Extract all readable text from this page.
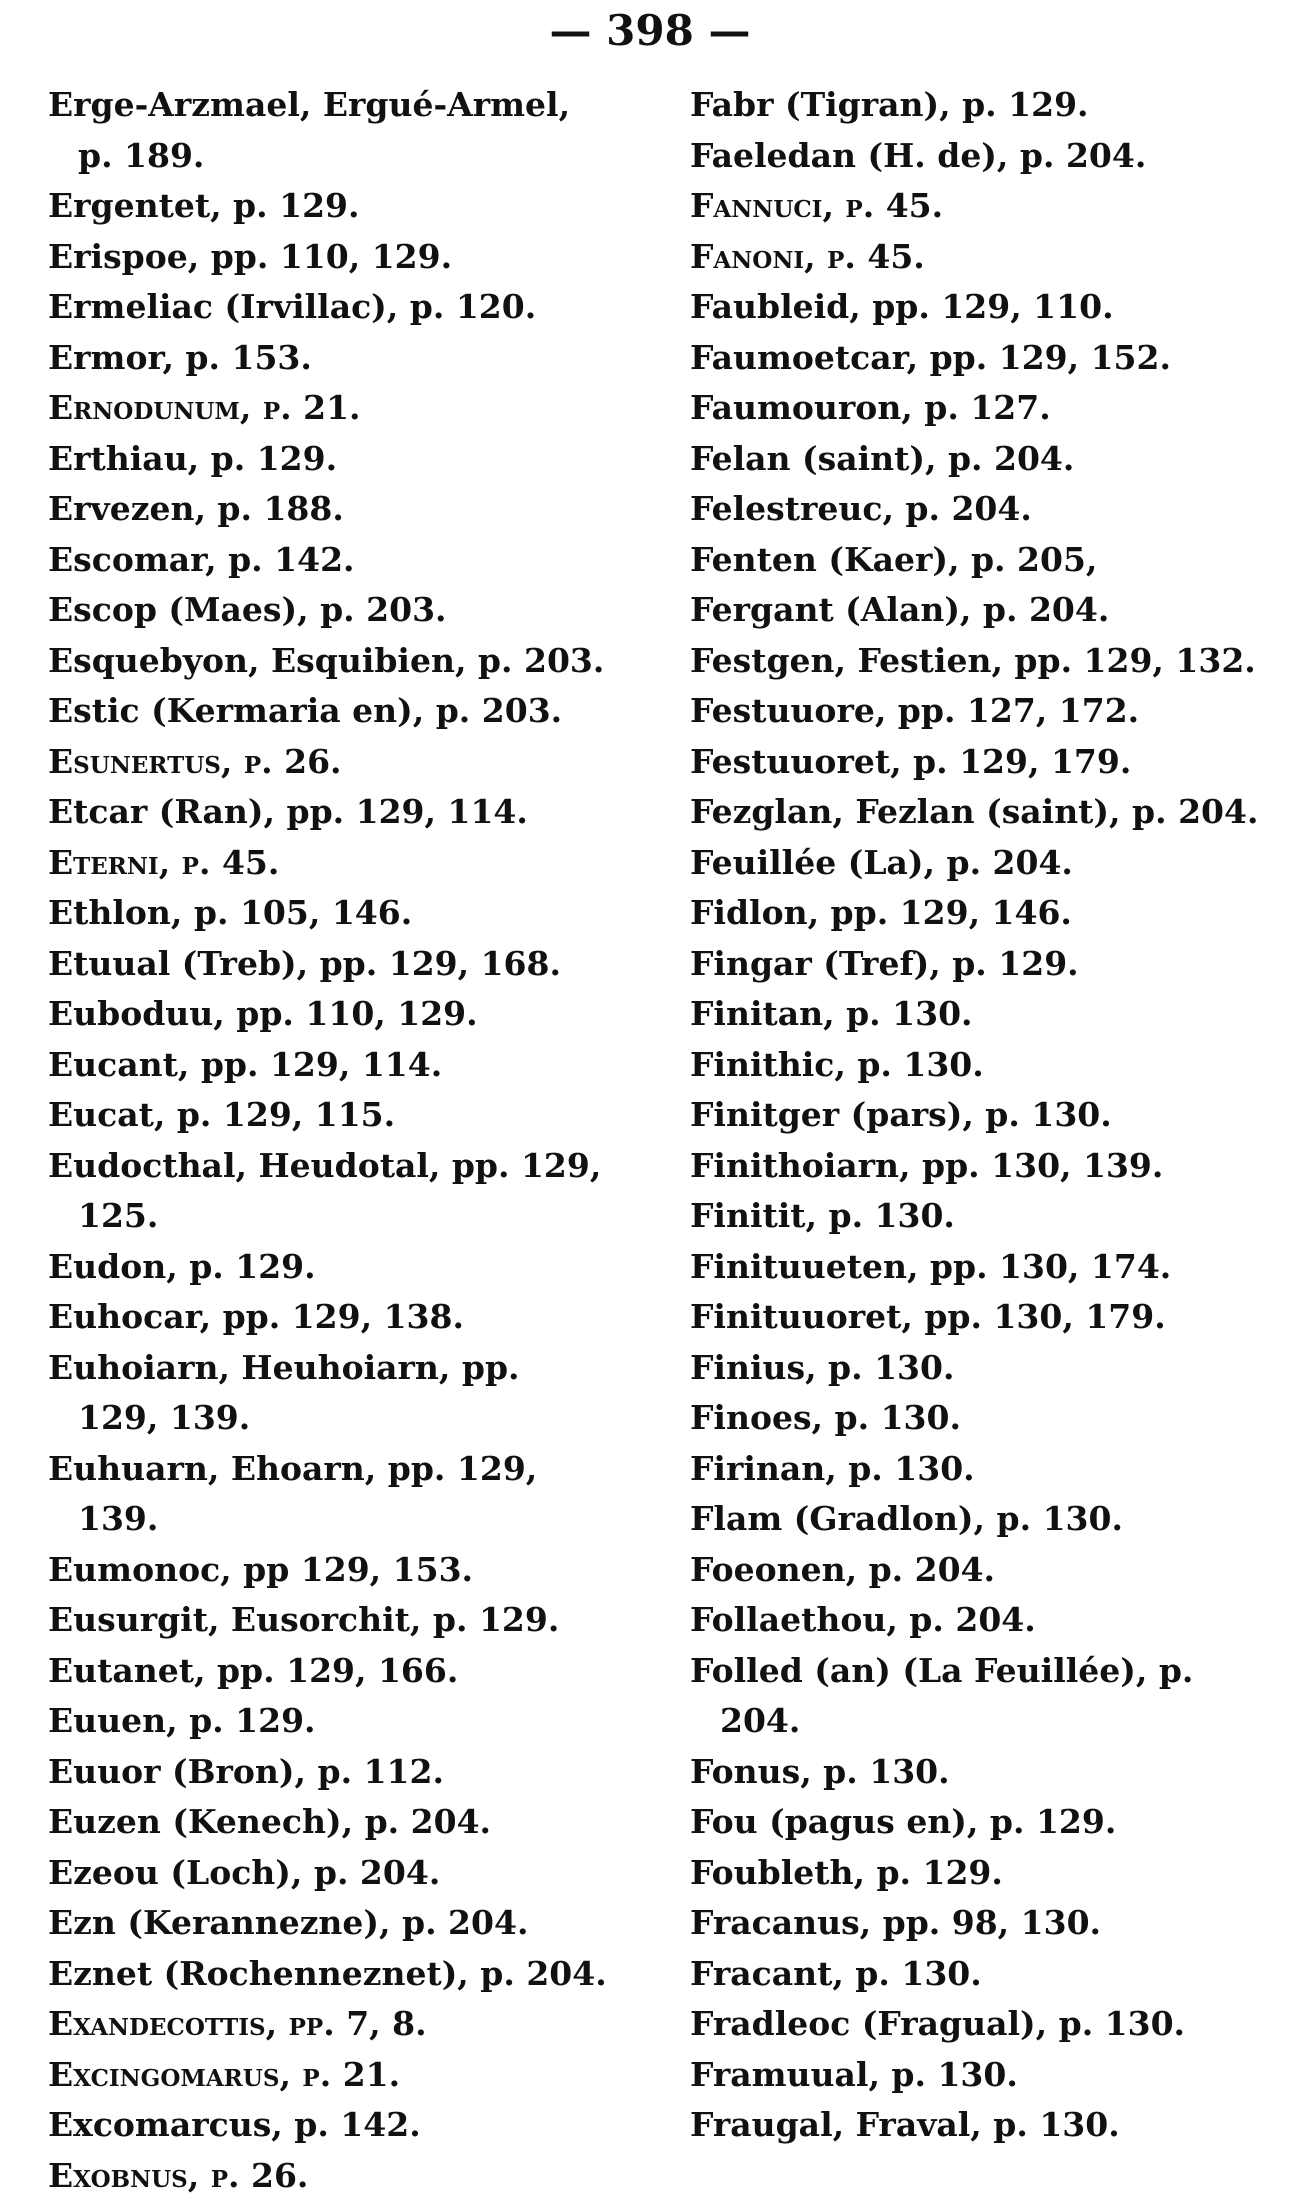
— 398 —
Erge-Arzmael, Ergué-Armel, p. 189.
Ergentet, p. 129.
Erispoe, pp. 110, 129.
Ermeliac (Irvillac), p. 120.
Ermor, p. 153.
Ernodunum, p. 21.
Erthiau, p. 129.
Ervezen, p. 188.
Escomar, p. 142.
Escop (Maes), p. 203.
Esquebyon, Esquibien, p. 203.
Estic (Kermaria en), p. 203.
Esunertus, p. 26.
Etcar (Ran), pp. 129, 114.
Eterni, p. 45.
Ethlon, p. 105, 146.
Etuual (Treb), pp. 129, 168.
Euboduu, pp. 110, 129.
Eucant, pp. 129, 114.
Eucat, p. 129, 115.
Eudocthal, Heudotal, pp. 129, 125.
Eudon, p. 129.
Euhocar, pp. 129, 138.
Euhoiarn, Heuhoiarn, pp. 129, 139.
Euhuarn, Ehoarn, pp. 129, 139.
Eumonoc, pp 129, 153.
Eusurgit, Eusorchit, p. 129.
Eutanet, pp. 129, 166.
Euuen, p. 129.
Euuor (Bron), p. 112.
Euzen (Kenech), p. 204.
Ezeou (Loch), p. 204.
Ezn (Kerannezne), p. 204.
Eznet (Rochenneznet), p. 204.
Exandecottis, pp. 7, 8.
Excingomarus, p. 21.
Excomarcus, p. 142.
Exobnus, p. 26.
Fabr (Tigran), p. 129.
Faeledan (H. de), p. 204.
Fannuci, p. 45.
Fanoni, p. 45.
Faubleid, pp. 129, 110.
Faumoetcar, pp. 129, 152.
Faumouron, p. 127.
Felan (saint), p. 204.
Felestreuc, p. 204.
Fenten (Kaer), p. 205,
Fergant (Alan), p. 204.
Festgen, Festien, pp. 129, 132.
Festuuore, pp. 127, 172.
Festuuoret, p. 129, 179.
Fezglan, Fezlan (saint), p. 204.
Feuillée (La), p. 204.
Fidlon, pp. 129, 146.
Fingar (Tref), p. 129.
Finitan, p. 130.
Finithic, p. 130.
Finitger (pars), p. 130.
Finithoiarn, pp. 130, 139.
Finitit, p. 130.
Finituueten, pp. 130, 174.
Finituuoret, pp. 130, 179.
Finius, p. 130.
Finoes, p. 130.
Firinan, p. 130.
Flam (Gradlon), p. 130.
Foeonen, p. 204.
Follaethou, p. 204.
Folled (an) (La Feuillée), p. 204.
Fonus, p. 130.
Fou (pagus en), p. 129.
Foubleth, p. 129.
Fracanus, pp. 98, 130.
Fracant, p. 130.
Fradleoc (Fragual), p. 130.
Framuual, p. 130.
Fraugal, Fraval, p. 130.
